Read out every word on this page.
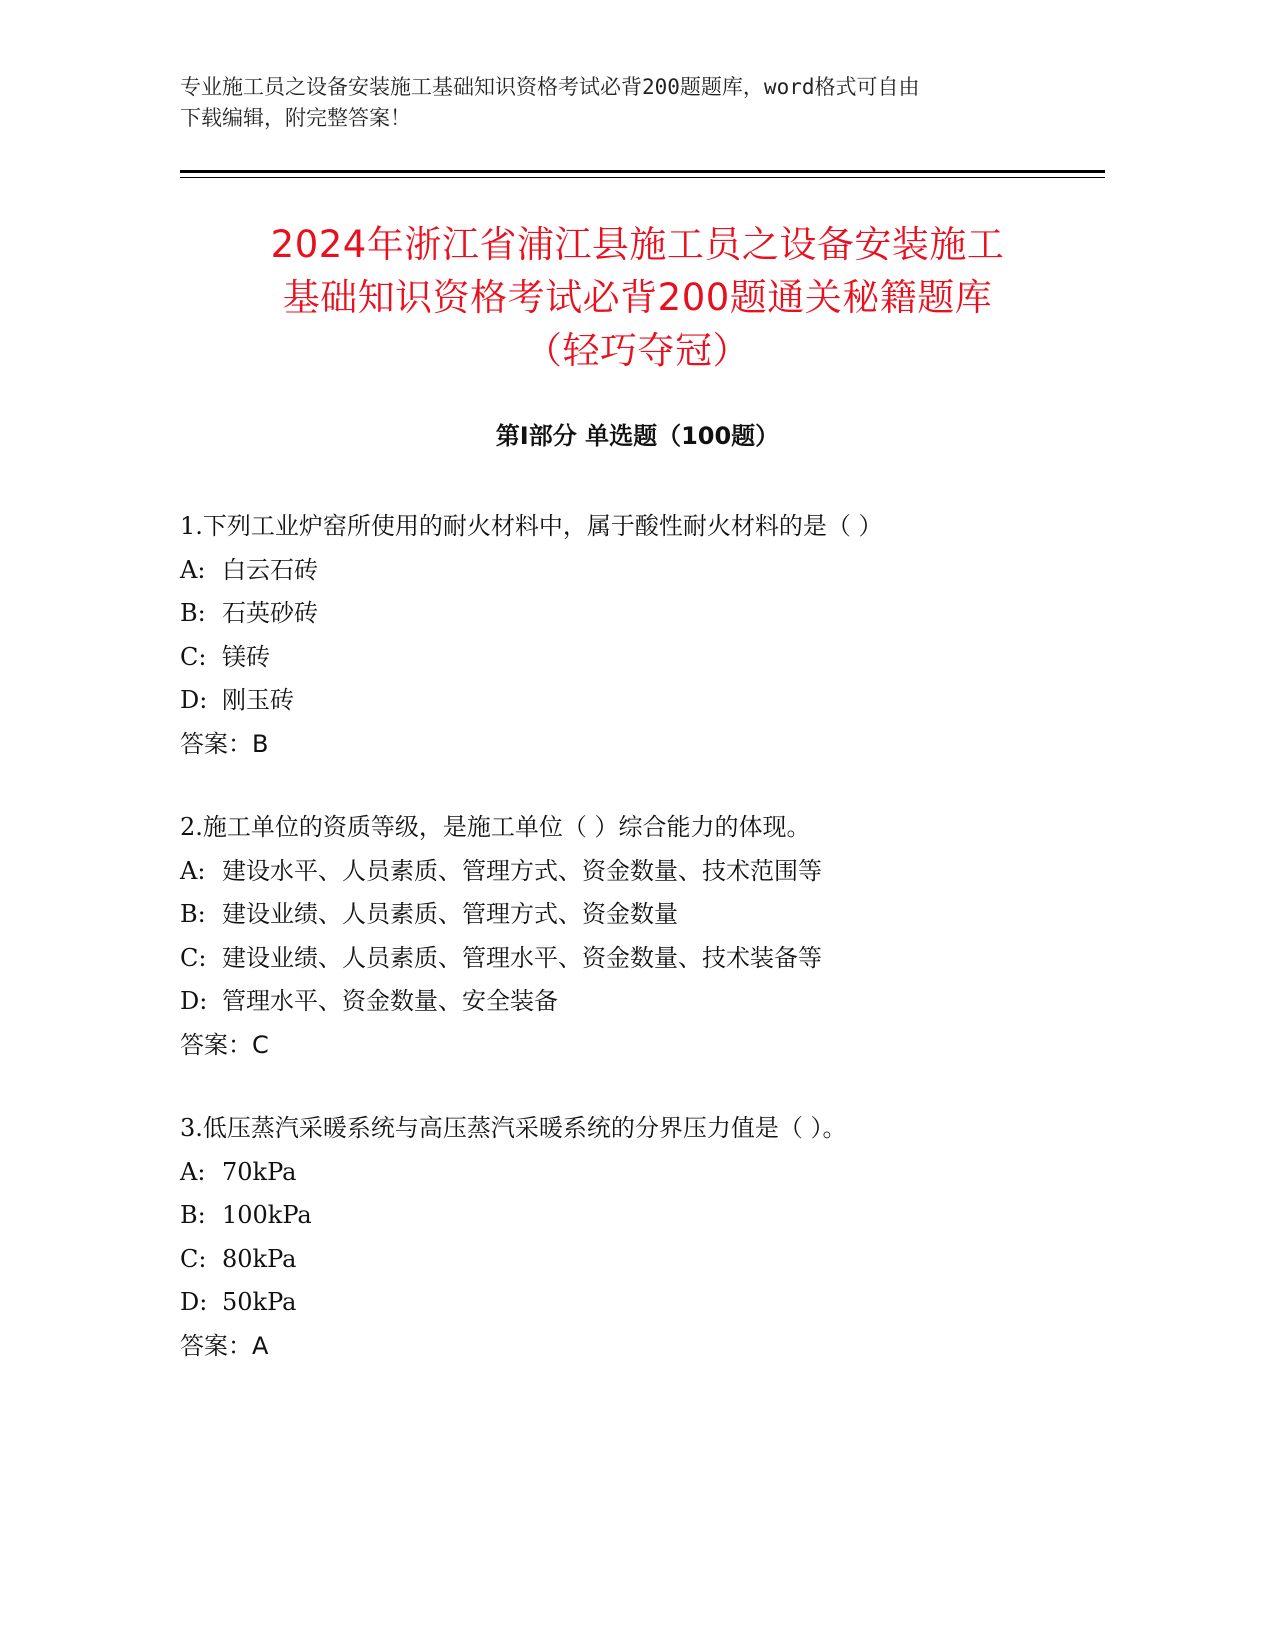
专业施工员之设备安装施工基础知识资格考试必背200题题库，word格式可自由
下载编辑，附完整答案！
2024年浙江省浦江县施工员之设备安装施工
基础知识资格考试必背200题通关秘籍题库
（轻巧夺冠）
第Ⅰ部分 单选题（100题）
1.下列工业炉窑所使用的耐火材料中，属于酸性耐火材料的是（ ）
A: 白云石砖
B: 石英砂砖
C: 镁砖
D: 刚玉砖
答案：B
2.施工单位的资质等级，是施工单位（ ）综合能力的体现。
A: 建设水平、人员素质、管理方式、资金数量、技术范围等
B: 建设业绩、人员素质、管理方式、资金数量
C: 建设业绩、人员素质、管理水平、资金数量、技术装备等
D: 管理水平、资金数量、安全装备
答案：C
3.低压蒸汽采暖系统与高压蒸汽采暖系统的分界压力值是（ ）。
A: 70kPa
B: 100kPa
C: 80kPa
D: 50kPa
答案：A
